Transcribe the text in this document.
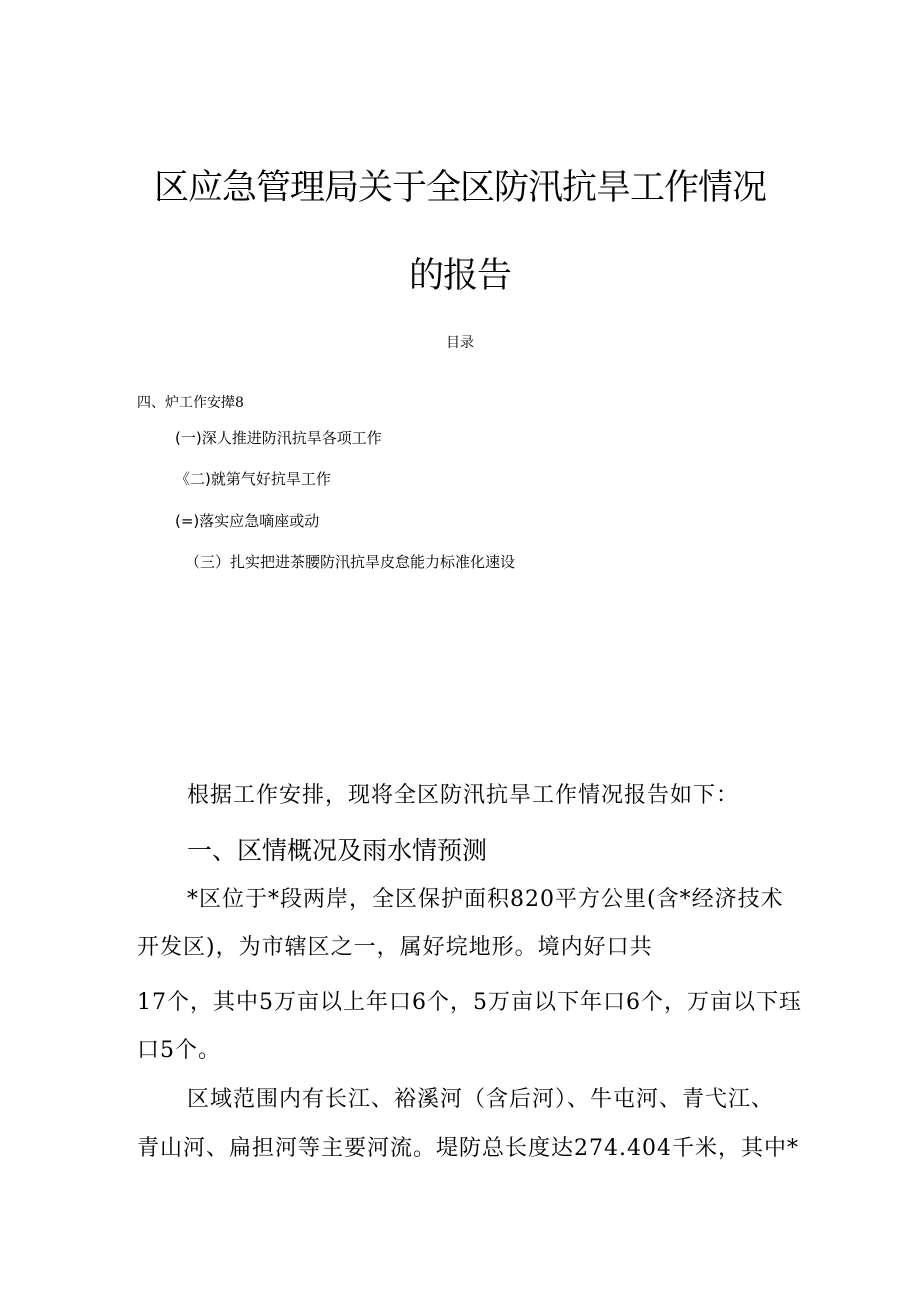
区应急管理局关于全区防汛抗旱工作情况
的报告
目录
四、炉工作安撵8
(一)深人推进防汛抗旱各项工作
《二)就第气好抗旱工作
(=)落实应急嘀座或动
（三）扎实把进茶腰防汛抗旱皮怠能力标准化速设
根据工作安排，现将全区防汛抗旱工作情况报告如下：
一、区情概况及雨水情预测
*区位于*段两岸，全区保护面积820平方公里(含*经济技术
开发区)，为市辖区之一，属好垸地形。境内好口共
17个，其中5万亩以上年口6个，5万亩以下年口6个，万亩以下珏
口5个。
区域范围内有长江、裕溪河（含后河）、牛屯河、青弋江、
青山河、扁担河等主要河流。堤防总长度达274.404千米，其中*
